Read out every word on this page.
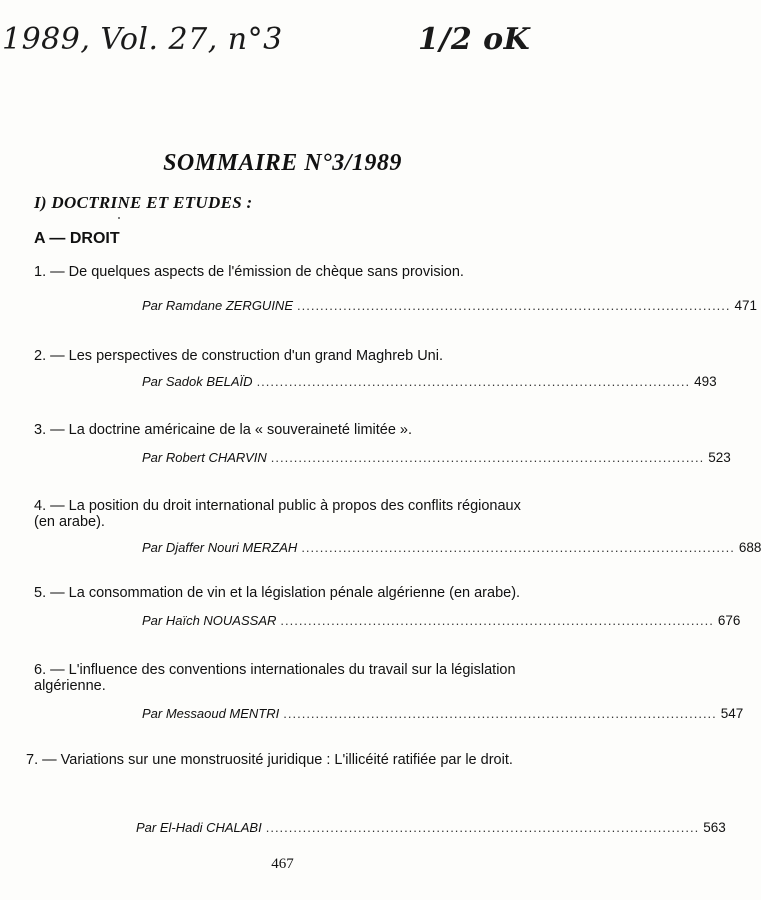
1989, Vol. 27, n°3	1/2 oK
SOMMAIRE N°3/1989
I) DOCTRINE ET ETUDES :
A — DROIT
1. — De quelques aspects de l'émission de chèque sans provision.
Par Ramdane ZERGUINE .............................................................................................. 471
2. — Les perspectives de construction d'un grand Maghreb Uni.
Par Sadok BELAÏD .............................................................................................. 493
3. — La doctrine américaine de la « souveraineté limitée ».
Par Robert CHARVIN .............................................................................................. 523
4. — La position du droit international public à propos des conflits régionaux (en arabe).
Par Djaffer Nouri MERZAH .............................................................................................. 688
5. — La consommation de vin et la législation pénale algérienne (en arabe).
Par Haïch NOUASSAR .............................................................................................. 676
6. — L'influence des conventions internationales du travail sur la législation algérienne.
Par Messaoud MENTRI .............................................................................................. 547
7. — Variations sur une monstruosité juridique : L'illicéité ratifiée par le droit.
Par El-Hadi CHALABI .............................................................................................. 563
467
